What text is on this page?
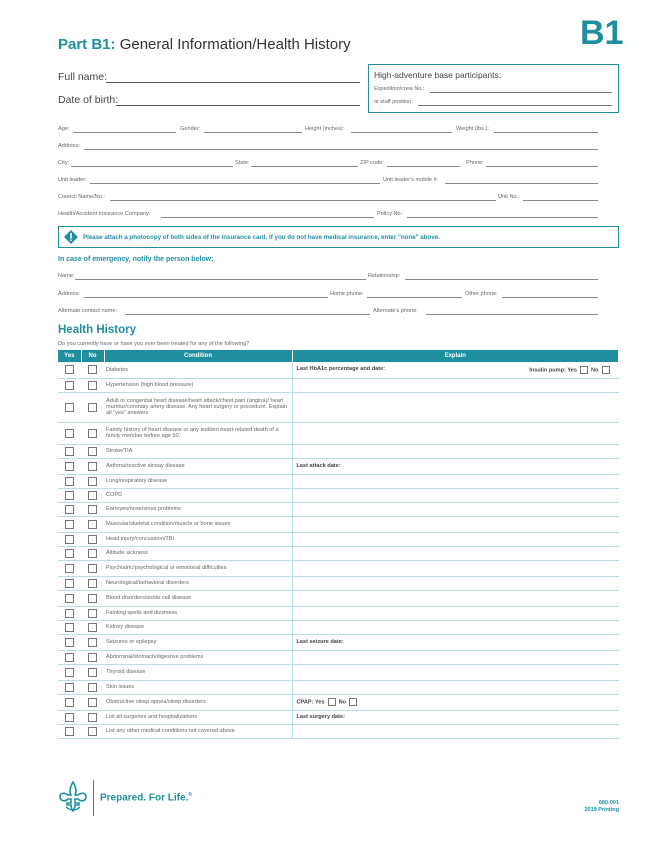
Part B1: General Information/Health History	B1
Full name:
Date of birth:
High-adventure base participants:
Expedition/crew No.:
or staff position:
Age:	Gender:	Height (inches):	Weight (lbs.):
Address:
City:	State:	ZIP code:	Phone:
Unit leader:	Unit leader's mobile #:
Council Name/No.:	Unit No.:
Health/Accident Insurance Company:	Policy No.:
Please attach a photocopy of both sides of the insurance card. If you do not have medical insurance, enter "none" above.
In case of emergency, notify the person below:
Name:	Relationship:
Address:	Home phone:	Other phone:
Alternate contact name:	Alternate's phone:
Health History
Do you currently have or have you ever been treated for any of the following?
Yes	No	Condition	Explain

	Diabetes	Last HbA1c percentage and date: Insulin pump: Yes No

	Hypertension (high blood pressure)	

	Adult or congenital heart disease/heart attack/chest pain (angina)/ heart murmur/coronary artery disease. Any heart surgery or procedure. Explain all "yes" answers.	

	Family history of heart disease or any sudden heart-related death of a family member before age 50.	

	Stroke/TIA	

	Asthma/reactive airway disease	Last attack date:

	Lung/respiratory disease	

	COPD	

	Ear/eyes/nose/sinus problems	

	Muscular/skeletal condition/muscle or bone issues	

	Head injury/concussion/TBI	

	Altitude sickness	

	Psychiatric/psychological or emotional difficulties	

	Neurological/behavioral disorders	

	Blood disorders/sickle cell disease	

	Fainting spells and dizziness	

	Kidney disease	

	Seizures or epilepsy	Last seizure date:

	Abdominal/stomach/digestive problems	

	Thyroid disease	

	Skin issues	

	Obstructive sleep apnea/sleep disorders	CPAP: Yes No

	List all surgeries and hospitalizations	Last surgery date:

	List any other medical conditions not covered above	
Prepared. For Life.®
680-001
2019 Printing
